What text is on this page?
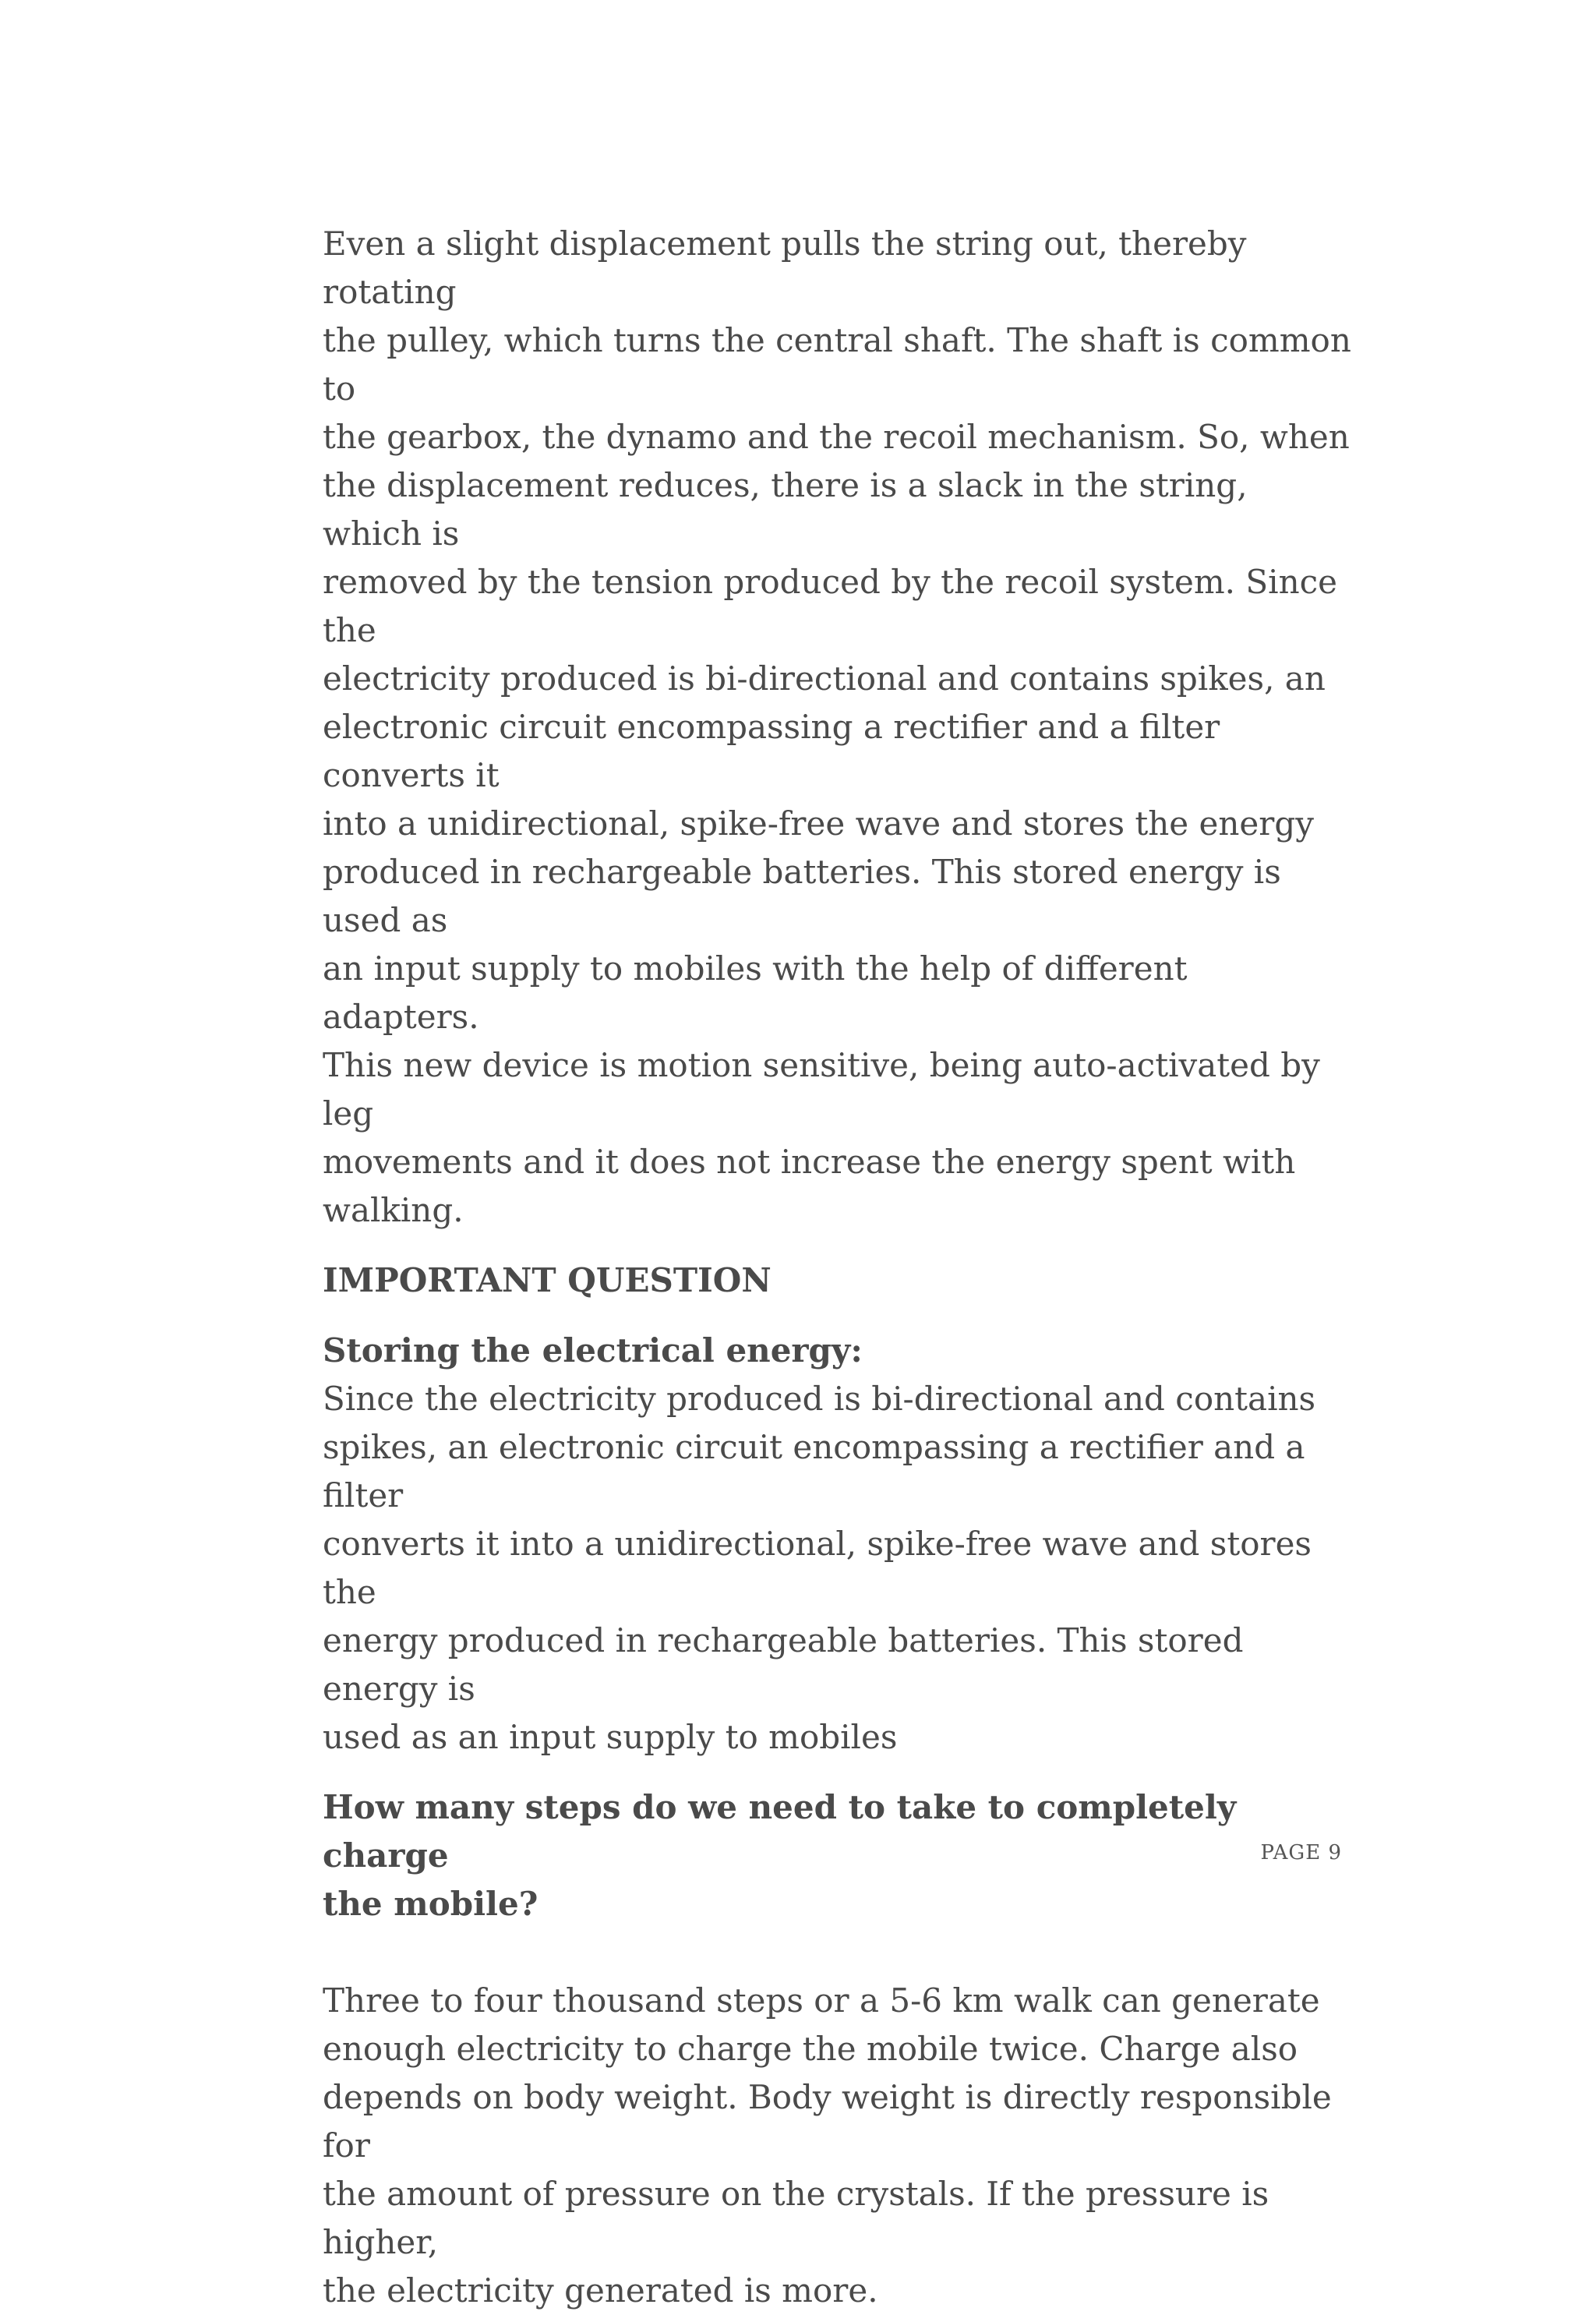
Even a slight displacement pulls the string out, thereby rotating
the pulley, which turns the central shaft. The shaft is common to
the gearbox, the dynamo and the recoil mechanism. So, when
the displacement reduces, there is a slack in the string, which is
removed by the tension produced by the recoil system. Since the
electricity produced is bi-directional and contains spikes, an
electronic circuit encompassing a rectifier and a filter converts it
into a unidirectional, spike-free wave and stores the energy
produced in rechargeable batteries. This stored energy is used as
an input supply to mobiles with the help of different adapters.
This new device is motion sensitive, being auto-activated by leg
movements and it does not increase the energy spent with
walking.

IMPORTANT QUESTION

Storing the electrical energy:

Since the electricity produced is bi-directional and contains
spikes, an electronic circuit encompassing a rectifier and a filter
converts it into a unidirectional, spike-free wave and stores the
energy produced in rechargeable batteries. This stored energy is
used as an input supply to mobiles

How many steps do we need to take to completely charge
the mobile?

Three to four thousand steps or a 5-6 km walk can generate
enough electricity to charge the mobile twice. Charge also
depends on body weight. Body weight is directly responsible for
the amount of pressure on the crystals. If the pressure is higher,
the electricity generated is more.

PAGE 9
